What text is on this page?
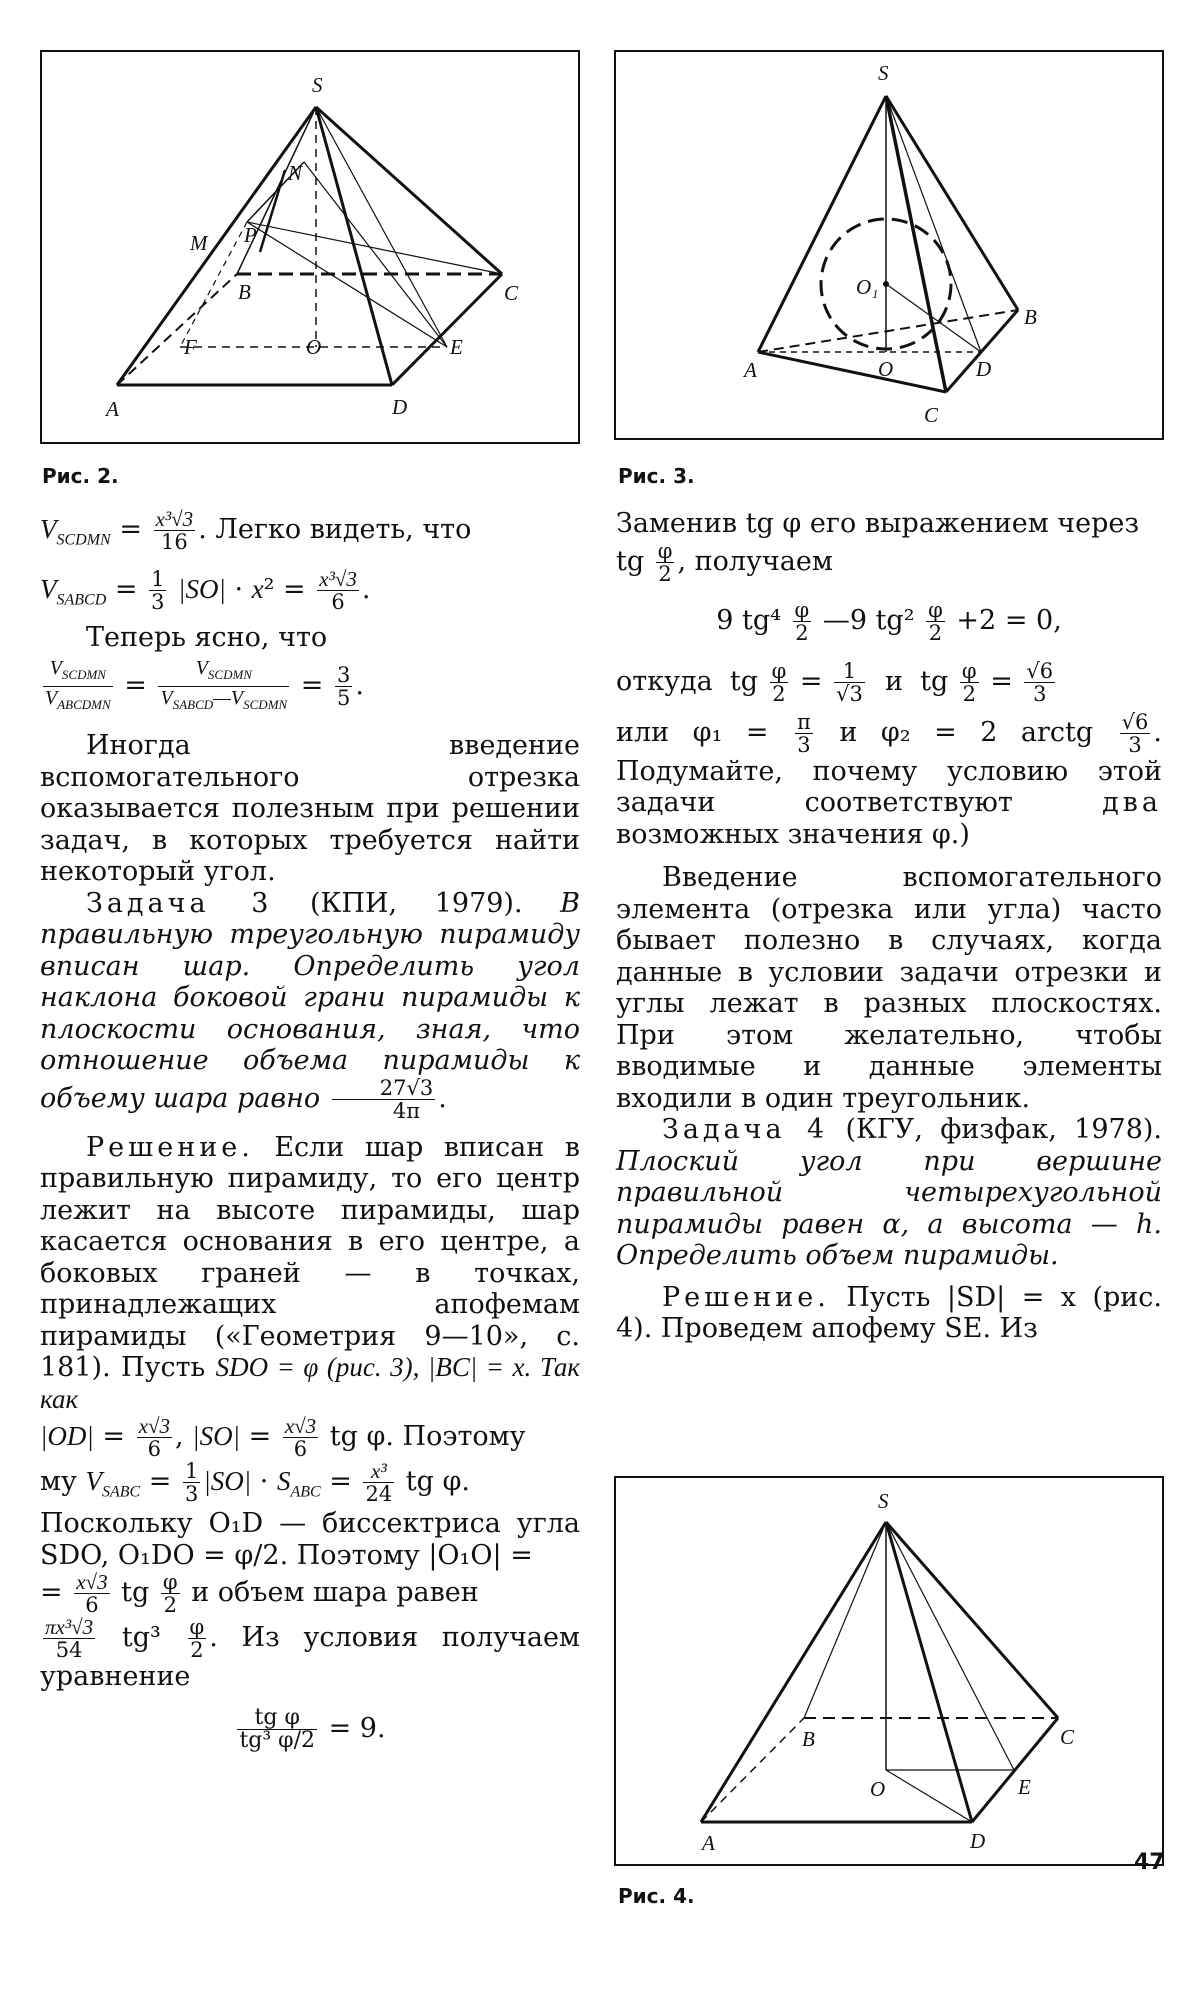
S
N
M P
B	C
F	O	E
A	D
Рис. 2.
S
O₁
B
A	O	D
C
Рис. 3.
S
B	C
O	E
A	D
Рис. 4.

$V_{SCDMN} = \frac{\text{x³√3}}{16}$ . Легко видеть, что

$V_{SABCD} = \frac{1}{3} |SO| \cdot x^2 = \frac{\text{x³√3}}{6}$ .

Теперь ясно, что

$\frac{V_{SCDMN}}{V_{ABCDMN}} = \frac{V_{SCDMN}}{V_{SABCD}—V_{SCDMN}} = \frac{3}{5}$ .

Иногда введение вспомогательного отрезка оказывается полезным при решении задач, в которых требуется найти некоторый угол.

Задача 3 (КПИ, 1979). В правильную треугольную пирамиду вписан шар. Определить угол наклона боковой грани пирамиды к плоскости основания, зная, что отношение объема пирамиды к объему шара равно $\frac{27√3}{4\pi}$ .

Решение. Если шар вписан в правильную пирамиду, то его центр лежит на высоте пирамиды, шар касается основания в его центре, а боковых граней — в точках, принадлежащих апофемам пирамиды («Геометрия 9—10», с. 181). Пусть SDO = φ (рис. 3), |BC| = x. Так как

$|OD| = \frac{x√3}{6}$ , $|SO| = \frac{x√3}{6}$ tg φ. Поэтому

му $V_{SABC} = \frac{1}{3} |SO| \cdot S_{ABC} = \frac{\text{x³}}{24}$ tg φ.

Поскольку O₁D — биссектриса угла SDO, O₁DO = φ/2. Поэтому |O₁O| =

= $\frac{x√3}{6}$ tg $\frac{\varphi}{2}$ и объем шара равен

$\frac{\text{πx³√3}}{54} tg^3 \frac{\varphi}{2}$ . Из условия получаем уравнение

$\frac{\text{tg φ}}{\text{tg³ φ/2}} = 9$.

Заменив tg φ его выражением через

tg $\frac{\varphi}{2}$ , получаем

9 $tg^4 \frac{\varphi}{2}$ —9 $tg^2 \frac{\varphi}{2} +2 = 0$,

откуда  tg $\frac{\varphi}{2} = \frac{1}{√3}$ и  tg $\frac{\varphi}{2} = \frac{√6}{3}$

или $\varphi_1 = \frac{\pi}{3}$ и φ₂ = 2 arctg $\frac{√6}{3}$ . Подумайте, почему условию этой задачи соответствуют	два возможных значения φ.)

Введение вспомогательного элемента (отрезка или угла) часто бывает полезно в случаях, когда данные в условии задачи отрезки и углы лежат в разных плоскостях. При этом желательно, чтобы вводимые и данные элементы входили в один треугольник.

Задача 4 (КГУ, физфак, 1978). Плоский угол при вершине правильной четырехугольной пирамиды равен α, а высота — h. Определить объем пирамиды.

Решение. Пусть |SD| = x (рис. 4). Проведем апофему SE. Из

47
